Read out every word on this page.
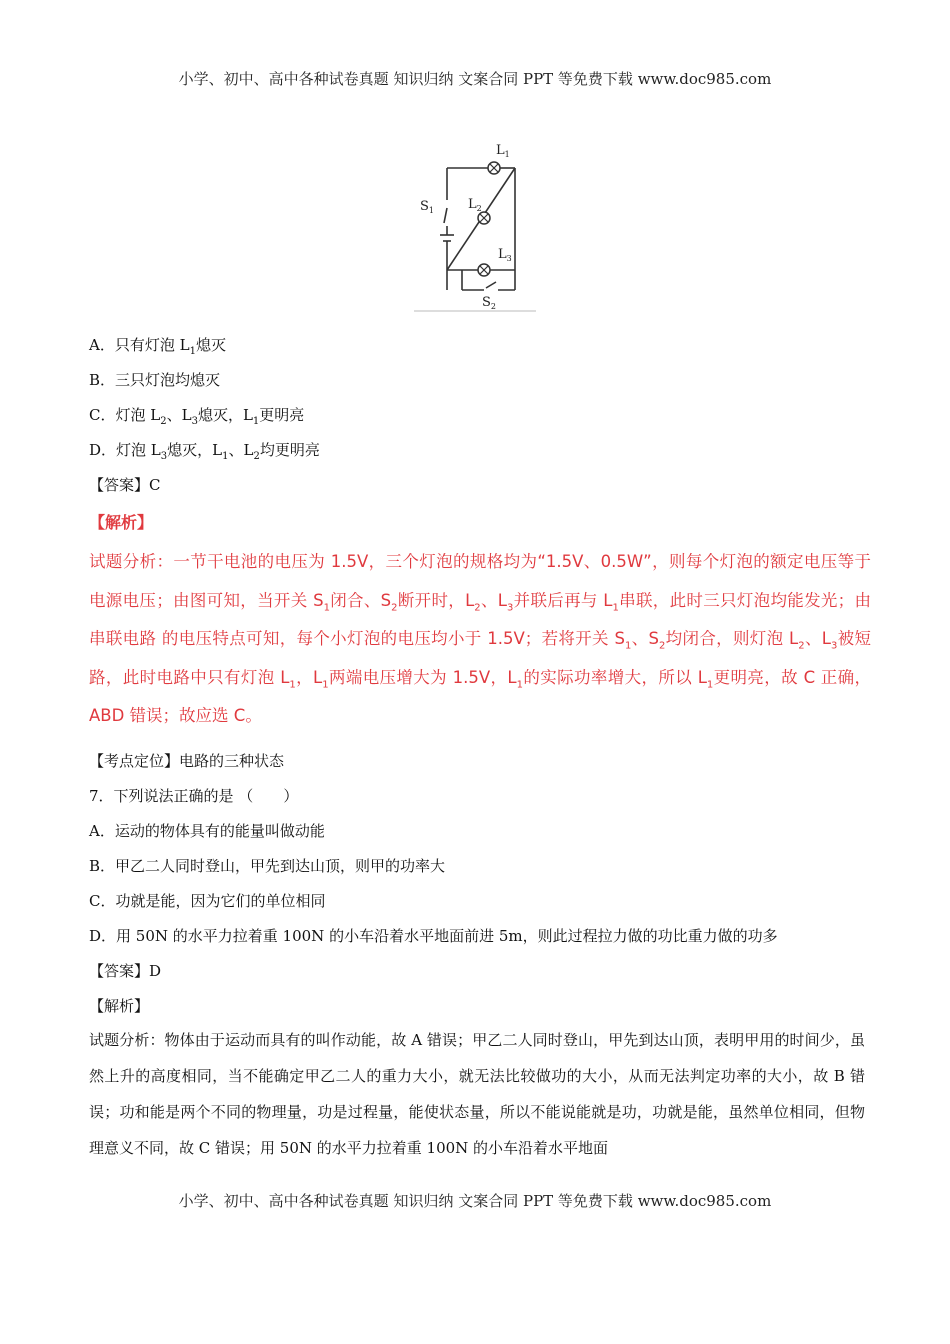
小学、初中、高中各种试卷真题 知识归纳 文案合同 PPT 等免费下载 www.doc985.com
$L_1$
$L_2$
$L_3$
$S_1$
$S_2$
A．只有灯泡 $L_1$熄灭
B．三只灯泡均熄灭
C．灯泡 $L_2$、$L_3$熄灭，$L_1$更明亮
D．灯泡 $L_3$熄灭，$L_1$、$L_2$均更明亮
【答案】C
【解析】
试题分析：一节干电池的电压为 1.5V，三个灯泡的规格均为“1.5V、0.5W”，则每个灯泡的额定电压等于电源电压；由图可知，当开关 $S_1$闭合、$S_2$断开时，$L_2$、$L_3$并联后再与 $L_1$串联，此时三只灯泡均能发光；由串联电路 的电压特点可知，每个小灯泡的电压均小于 1.5V；若将开关 $S_1$、$S_2$均闭合，则灯泡 $L_2$、$L_3$被短路，此时电路中只有灯泡 $L_1$，$L_1$两端电压增大为 1.5V，$L_1$的实际功率增大，所以 $L_1$更明亮，故 C 正确，ABD 错误；故应选 C。
【考点定位】电路的三种状态
7．下列说法正确的是 （　　）
A．运动的物体具有的能量叫做动能
B．甲乙二人同时登山，甲先到达山顶，则甲的功率大
C．功就是能，因为它们的单位相同
D．用 50N 的水平力拉着重 100N 的小车沿着水平地面前进 5m，则此过程拉力做的功比重力做的功多
【答案】D
【解析】
试题分析：物体由于运动而具有的叫作动能，故 A 错误；甲乙二人同时登山，甲先到达山顶，表明甲用的时间少，虽然上升的高度相同，当不能确定甲乙二人的重力大小，就无法比较做功的大小，从而无法判定功率的大小，故 B 错误；功和能是两个不同的物理量，功是过程量，能使状态量，所以不能说能就是功，功就是能，虽然单位相同，但物理意义不同，故 C 错误；用 50N 的水平力拉着重 100N 的小车沿着水平地面
小学、初中、高中各种试卷真题 知识归纳 文案合同 PPT 等免费下载 www.doc985.com
